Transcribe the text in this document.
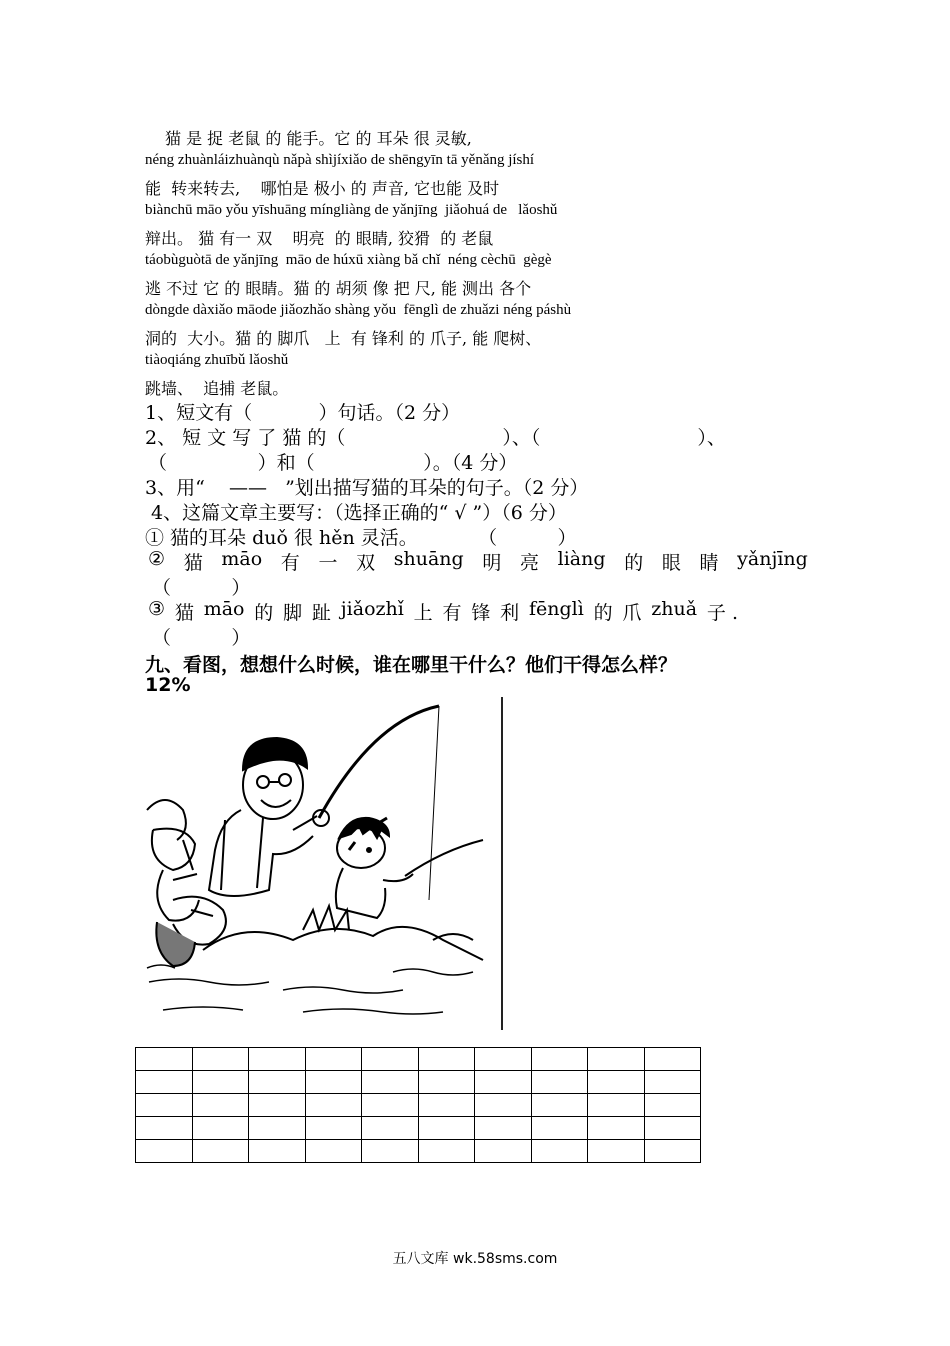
猫 是 捉 老鼠 的 能手。它 的 耳朵 很 灵敏,
néng zhuànláizhuànqù nǎpà shìjíxiǎo de shēngyīn tā yěnǎng jíshí
能  转来转去,    哪怕是 极小 的 声音, 它也能 及时
biànchū māo yǒu yīshuāng míngliàng de yǎnjīng  jiǎohuá de   lǎoshǔ
辩出。 猫 有一 双    明亮  的 眼睛, 狡猾  的 老鼠
táobùguòtā de yǎnjīng  māo de húxū xiàng bǎ chǐ  néng cèchū  gègè
逃 不过 它 的 眼睛。猫 的 胡须 像 把 尺, 能 测出 各个
dòngde dàxiǎo māode jiǎozhǎo shàng yǒu  fēnglì de zhuǎzi néng páshù
洞的  大小。猫 的 脚爪   上  有 锋利 的 爪子, 能 爬树、
tiàoqiáng zhuībǔ lǎoshǔ
跳墙、  追捕 老鼠。
1、短文有（           ）句话。（2 分）
2、 短 文 写 了 猫 的（                          ）、（                          ）、
（               ）和（                  ）。（4 分）
3、用“    ——   ”划出描写猫的耳朵的句子。（2 分）
4、这篇文章主要写：（选择正确的“ √ ”）（6 分）
① 猫的耳朵 duǒ 很 hěn 灵活。          （          ）
② 猫 māo 有 一 双 shuāng 明 亮 liàng 的 眼 睛 yǎnjīng
（          ）
③ 猫 māo 的 脚 趾 jiǎozhǐ 上 有 锋 利 fēnglì 的 爪 zhuǎ 子 .
（          ）
九、看图，想想什么时候，谁在哪里干什么？他们干得怎么样？
12%

五八文库 wk.58sms.com
